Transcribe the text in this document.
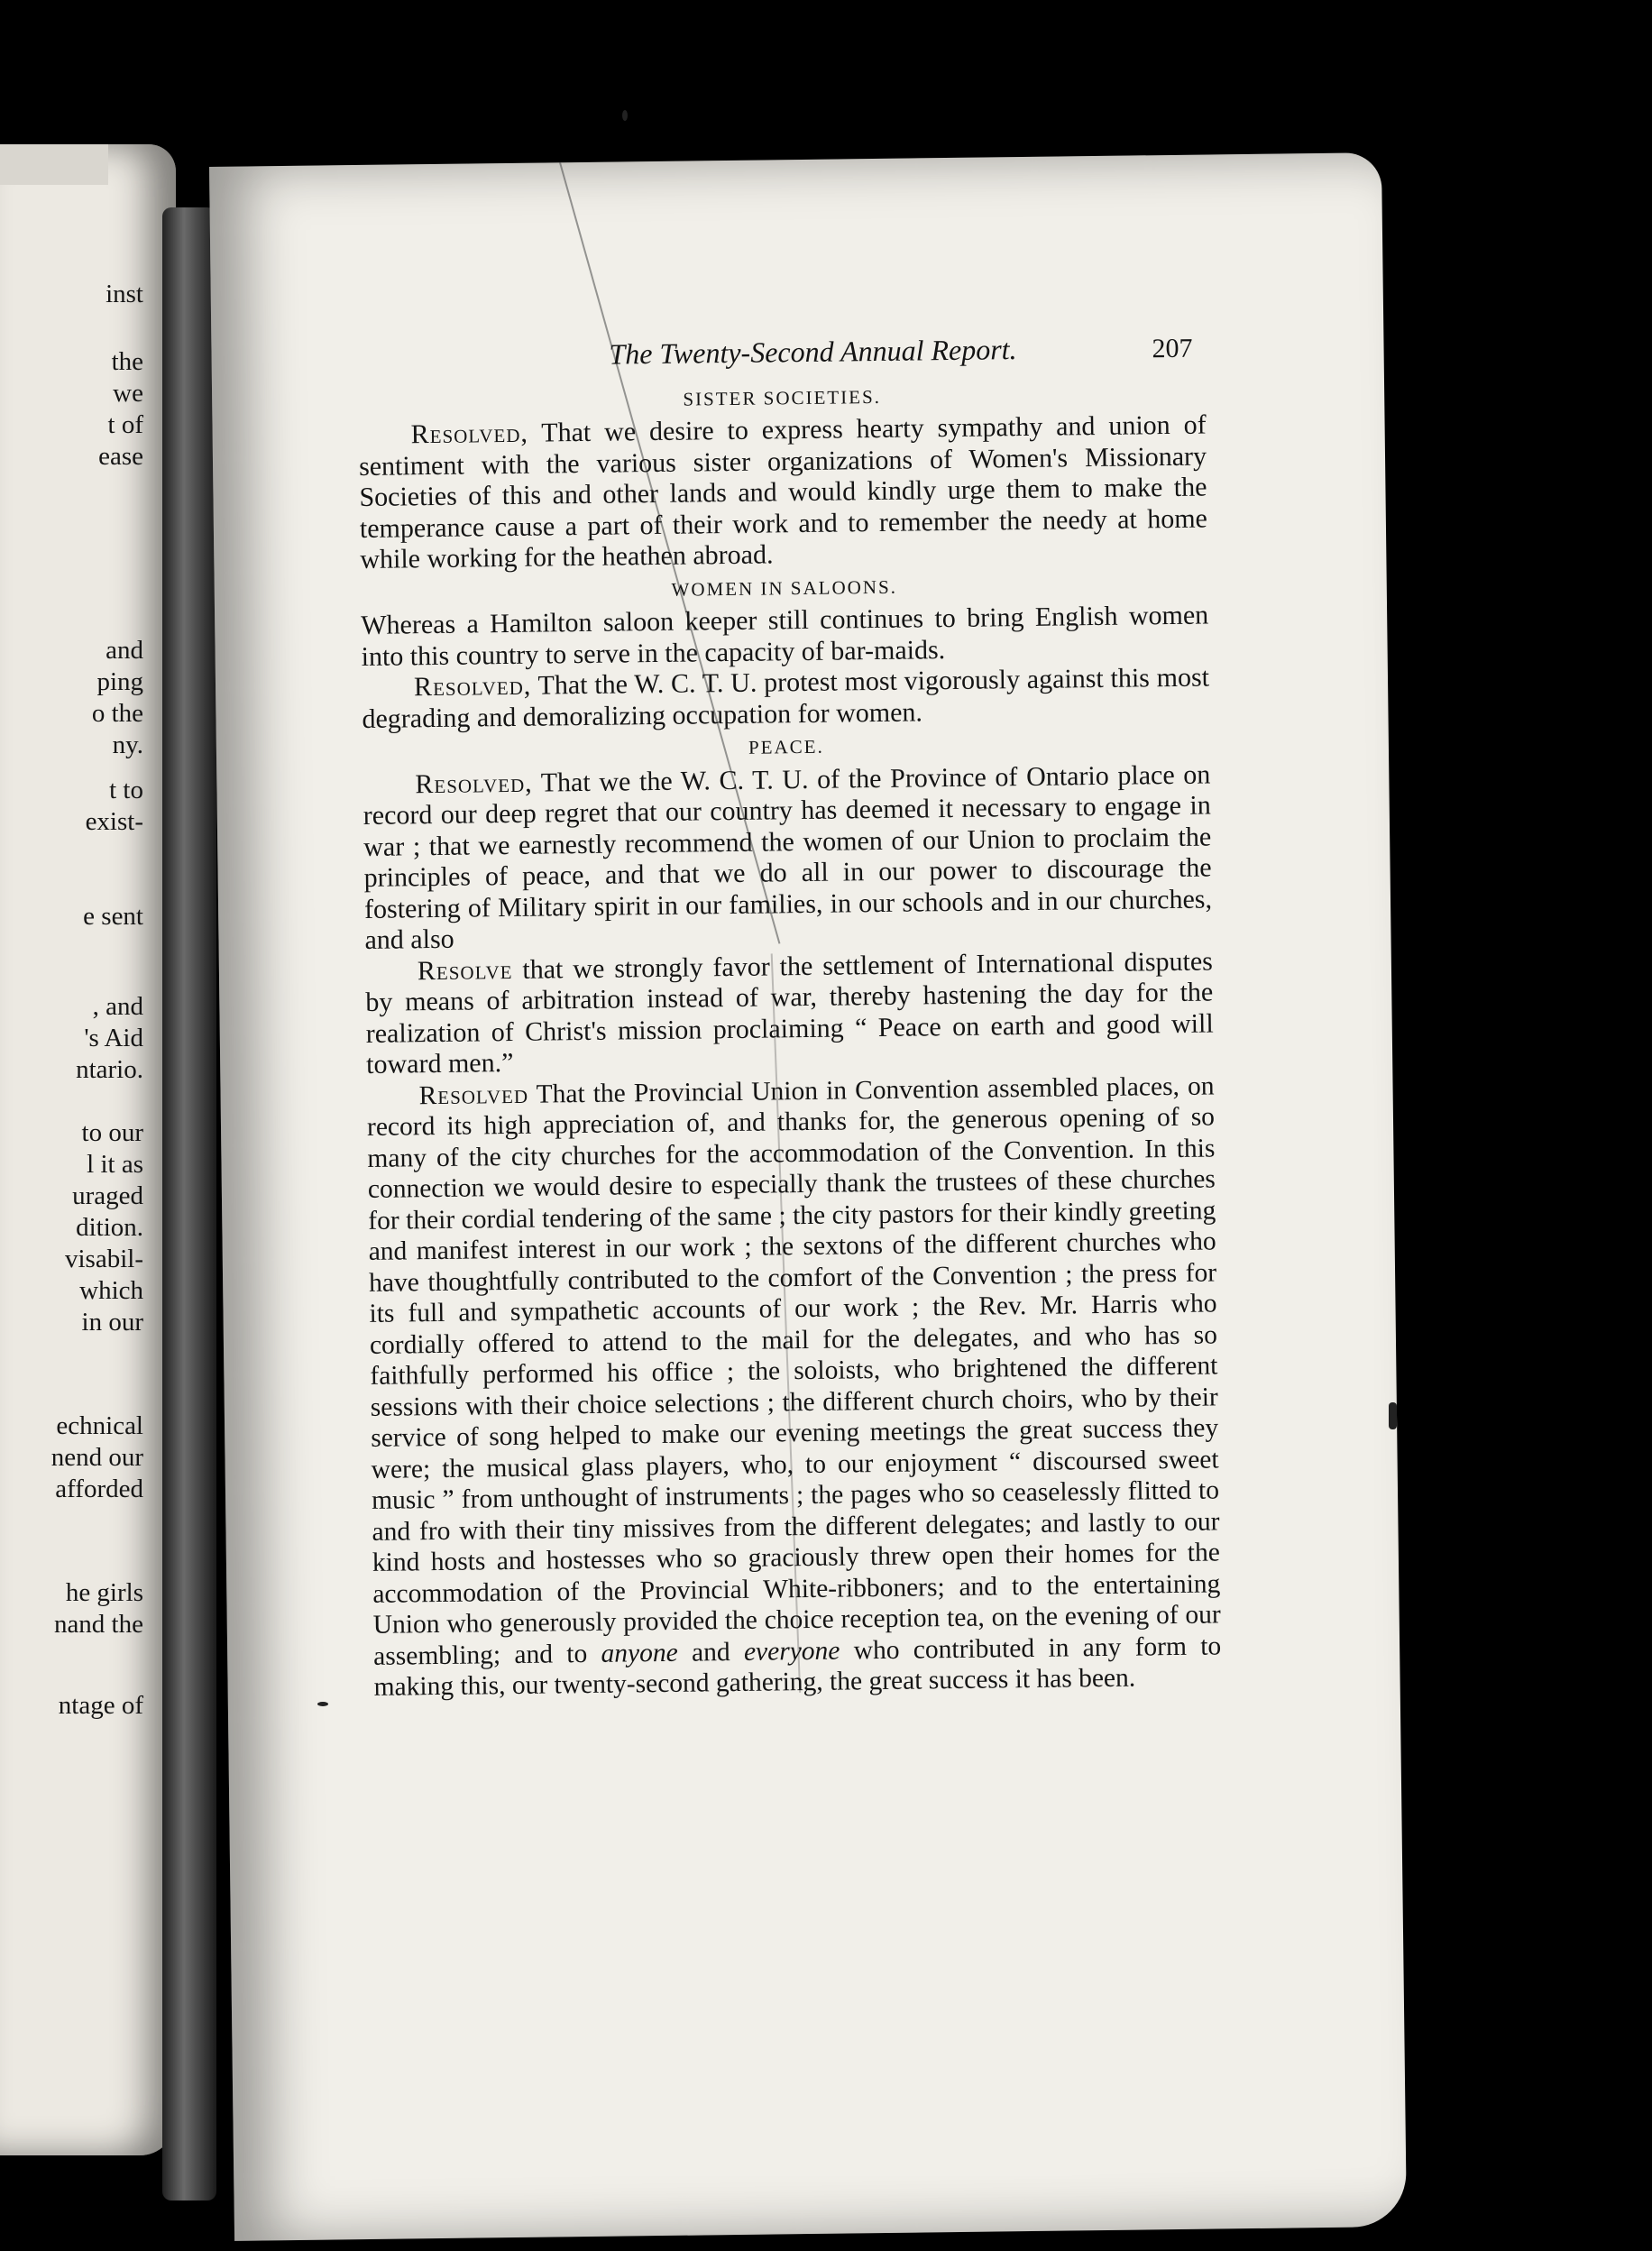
inst
the
we
t of
ease
and
ping
o the
ny.
t to
exist-
e sent
, and
's Aid
ntario.
to our
l it as
uraged
dition.
visabil-
which
in our
echnical
nend our
afforded
he girls
nand the
ntage of
The Twenty-Second Annual Report.	207
SISTER SOCIETIES.

Resolved, That we desire to express hearty sympathy and union of sentiment with the various sister organizations of Women's Missionary Societies of this and other lands and would kindly urge them to make the temperance cause a part of their work and to remember the needy at home while working for the heathen abroad.

WOMEN IN SALOONS.

Whereas a Hamilton saloon keeper still continues to bring English women into this country to serve in the capacity of bar-maids.

Resolved, That the W. C. T. U. protest most vigorously against this most degrading and demoralizing occupation for women.

PEACE.

Resolved, That we the W. C. T. U. of the Province of Ontario place on record our deep regret that our country has deemed it necessary to engage in war ; that we earnestly recommend the women of our Union to proclaim the principles of peace, and that we do all in our power to discourage the fostering of Military spirit in our families, in our schools and in our churches, and also

Resolve that we strongly favor the settlement of International disputes by means of arbitration instead of war, thereby hastening the day for the realization of Christ's mission proclaiming “ Peace on earth and good will toward men.”

Resolved That the Provincial Union in Convention assembled places, on record its high appreciation of, and thanks for, the generous opening of so many of the city churches for the accommodation of the Convention. In this connection we would desire to especially thank the trustees of these churches for their cordial tendering of the same ; the city pastors for their kindly greeting and manifest interest in our work ; the sextons of the different churches who have thoughtfully contributed to the comfort of the Convention ; the press for its full and sympathetic accounts of our work ; the Rev. Mr. Harris who cordially offered to attend to the mail for the delegates, and who has so faithfully performed his office ; the soloists, who brightened the different sessions with their choice selections ; the different church choirs, who by their service of song helped to make our evening meetings the great success they were; the musical glass players, who, to our enjoyment “ discoursed sweet music ” from unthought of instruments ; the pages who so ceaselessly flitted to and fro with their tiny missives from the different delegates; and lastly to our kind hosts and hostesses who so graciously threw open their homes for the accommodation of the Provincial White-ribboners; and to the entertaining Union who generously provided the choice reception tea, on the evening of our assembling; and to anyone and everyone who contributed in any form to making this, our twenty-second gathering, the great success it has been.
